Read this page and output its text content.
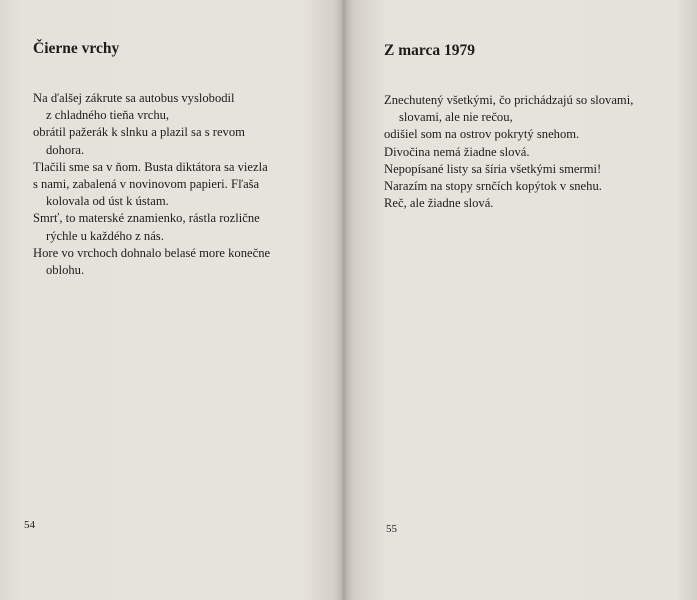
Čierne vrchy
Na ďalšej zákrute sa autobus vyslobodil
z chladného tieňa vrchu,
obrátil pažerák k slnku a plazil sa s revom
dohora.
Tlačili sme sa v ňom. Busta diktátora sa viezla
s nami, zabalená v novinovom papieri. Fľaša
kolovala od úst k ústam.
Smrť, to materské znamienko, rástla rozlične
rýchle u každého z nás.
Hore vo vrchoch dohnalo belasé more konečne
oblohu.
54
Z marca 1979
Znechutený všetkými, čo prichádzajú so slovami,
slovami, ale nie rečou,
odišiel som na ostrov pokrytý snehom.
Divočina nemá žiadne slová.
Nepopísané listy sa šíria všetkými smermi!
Narazím na stopy srnčích kopýtok v snehu.
Reč, ale žiadne slová.
55
